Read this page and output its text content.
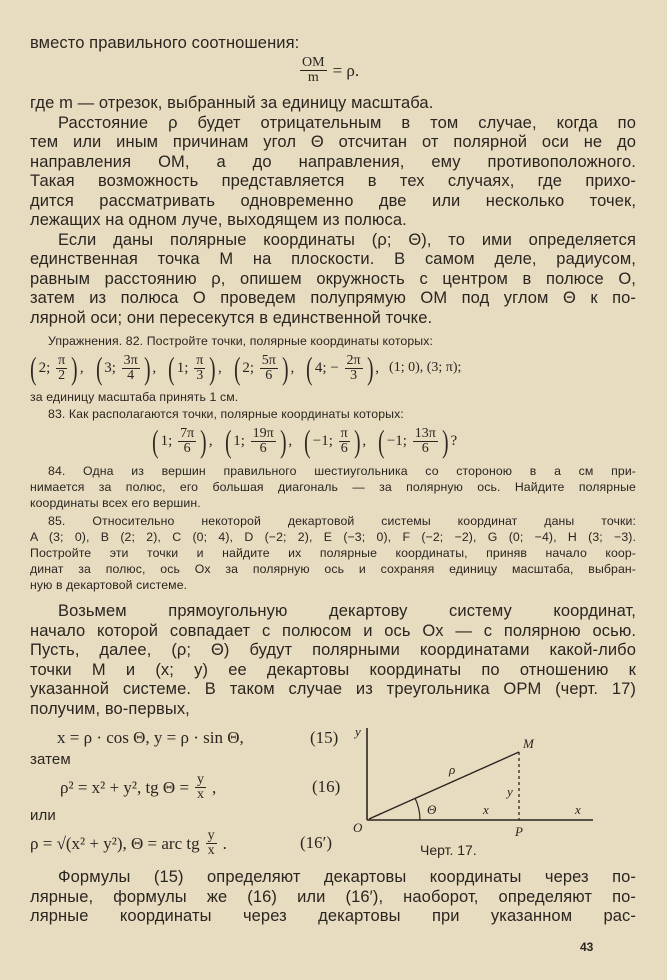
вместо правильного соотношения:
$\frac{OM}{m} = \rho$.
где m — отрезок, выбранный за единицу масштаба.
Расстояние ρ будет отрицательным в том случае, когда по
тем или иным причинам угол Θ отсчитан от полярной оси не до
направления OM, а до направления, ему противоположного.
Такая возможность представляется в тех случаях, где прихо-
дится рассматривать одновременно две или несколько точек,
лежащих на одном луче, выходящем из полюса.
Если даны полярные координаты (ρ; Θ), то ими определяется
единственная точка M на плоскости. В самом деле, радиусом,
равным расстоянию ρ, опишем окружность с центром в полюсе O,
затем из полюса O проведем полупрямую OM под углом Θ к по-
лярной оси; они пересекутся в единственной точке.
Упражнения. 82. Постройте точки, полярные координаты которых:
( 2;
$\frac{\pi}{2}$ ) , ( 3;
$\frac{3\pi}{4}$ ) , ( 1;
$\frac{\pi}{3}$ ) , ( 2;
$\frac{5\pi}{6}$ ) , ( 4; −
$\frac{2\pi}{3}$ ) , (1; 0), (3; π);
за единицу масштаба принять 1 см.
83. Как располагаются точки, полярные координаты которых:
( 1;
$\frac{7\pi}{6}$ ) , ( 1;
$\frac{19\pi}{6}$ ) , ( −1;
$\frac{\pi}{6}$ ) , ( −1;
$\frac{13\pi}{6}$ ) ?
84. Одна из вершин правильного шестиугольника со стороною в a см при-
нимается за полюс, его большая диагональ — за полярную ось. Найдите полярные
координаты всех его вершин.
85. Относительно некоторой декартовой системы координат даны точки:
A (3; 0), B (2; 2), C (0; 4), D (−2; 2), E (−3; 0), F (−2; −2), G (0; −4), H (3; −3).
Постройте эти точки и найдите их полярные координаты, приняв начало коор-
динат за полюс, ось Ox за полярную ось и сохраняя единицу масштаба, выбран-
ную в декартовой системе.
Возьмем прямоугольную декартову систему координат,
начало которой совпадает с полюсом и ось Ox — с полярною осью.
Пусть, далее, (ρ; Θ) будут полярными координатами какой-либо
точки M и (x; y) ее декартовы координаты по отношению к
указанной системе. В таком случае из треугольника OPM (черт. 17)
получим, во-первых,
x = ρ · cos Θ, y = ρ · sin Θ,	(15)
затем
ρ² = x² + y², tg $\Theta = \frac{y}{x}$ ,	(16)
или
ρ = √(x² + y²), Θ = arc tg $\frac{y}{x}$ .	(16′)
y
M
ρ
y
Θ	x	x
O	P
Черт. 17.
Формулы (15) определяют декартовы координаты через по-
лярные, формулы же (16) или (16′), наоборот, определяют по-
лярные координаты через декартовы при указанном рас-
43
